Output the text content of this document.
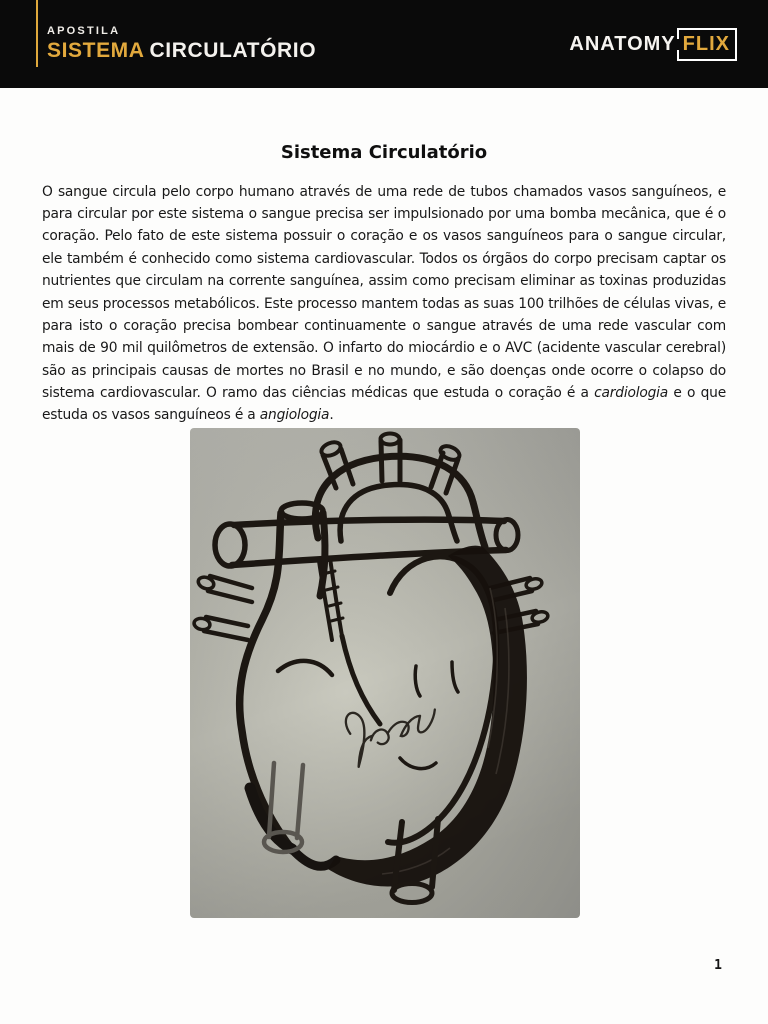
APOSTILA
SISTEMA CIRCULATÓRIO	ANATOMY FLIX
Sistema Circulatório

O sangue circula pelo corpo humano através de uma rede de tubos chamados vasos sanguíneos, e para circular por este sistema o sangue precisa ser impulsionado por uma bomba mecânica, que é o coração. Pelo fato de este sistema possuir o coração e os vasos sanguíneos para o sangue circular, ele também é conhecido como sistema cardiovascular. Todos os órgãos do corpo precisam captar os nutrientes que circulam na corrente sanguínea, assim como precisam eliminar as toxinas produzidas em seus processos metabólicos. Este processo mantem todas as suas 100 trilhões de células vivas, e para isto o coração precisa bombear continuamente o sangue através de uma rede vascular com mais de 90 mil quilômetros de extensão. O infarto do miocárdio e o AVC (acidente vascular cerebral) são as principais causas de mortes no Brasil e no mundo, e são doenças onde ocorre o colapso do sistema cardiovascular. O ramo das ciências médicas que estuda o coração é a cardiologia e o que estuda os vasos sanguíneos é a angiologia.

1
